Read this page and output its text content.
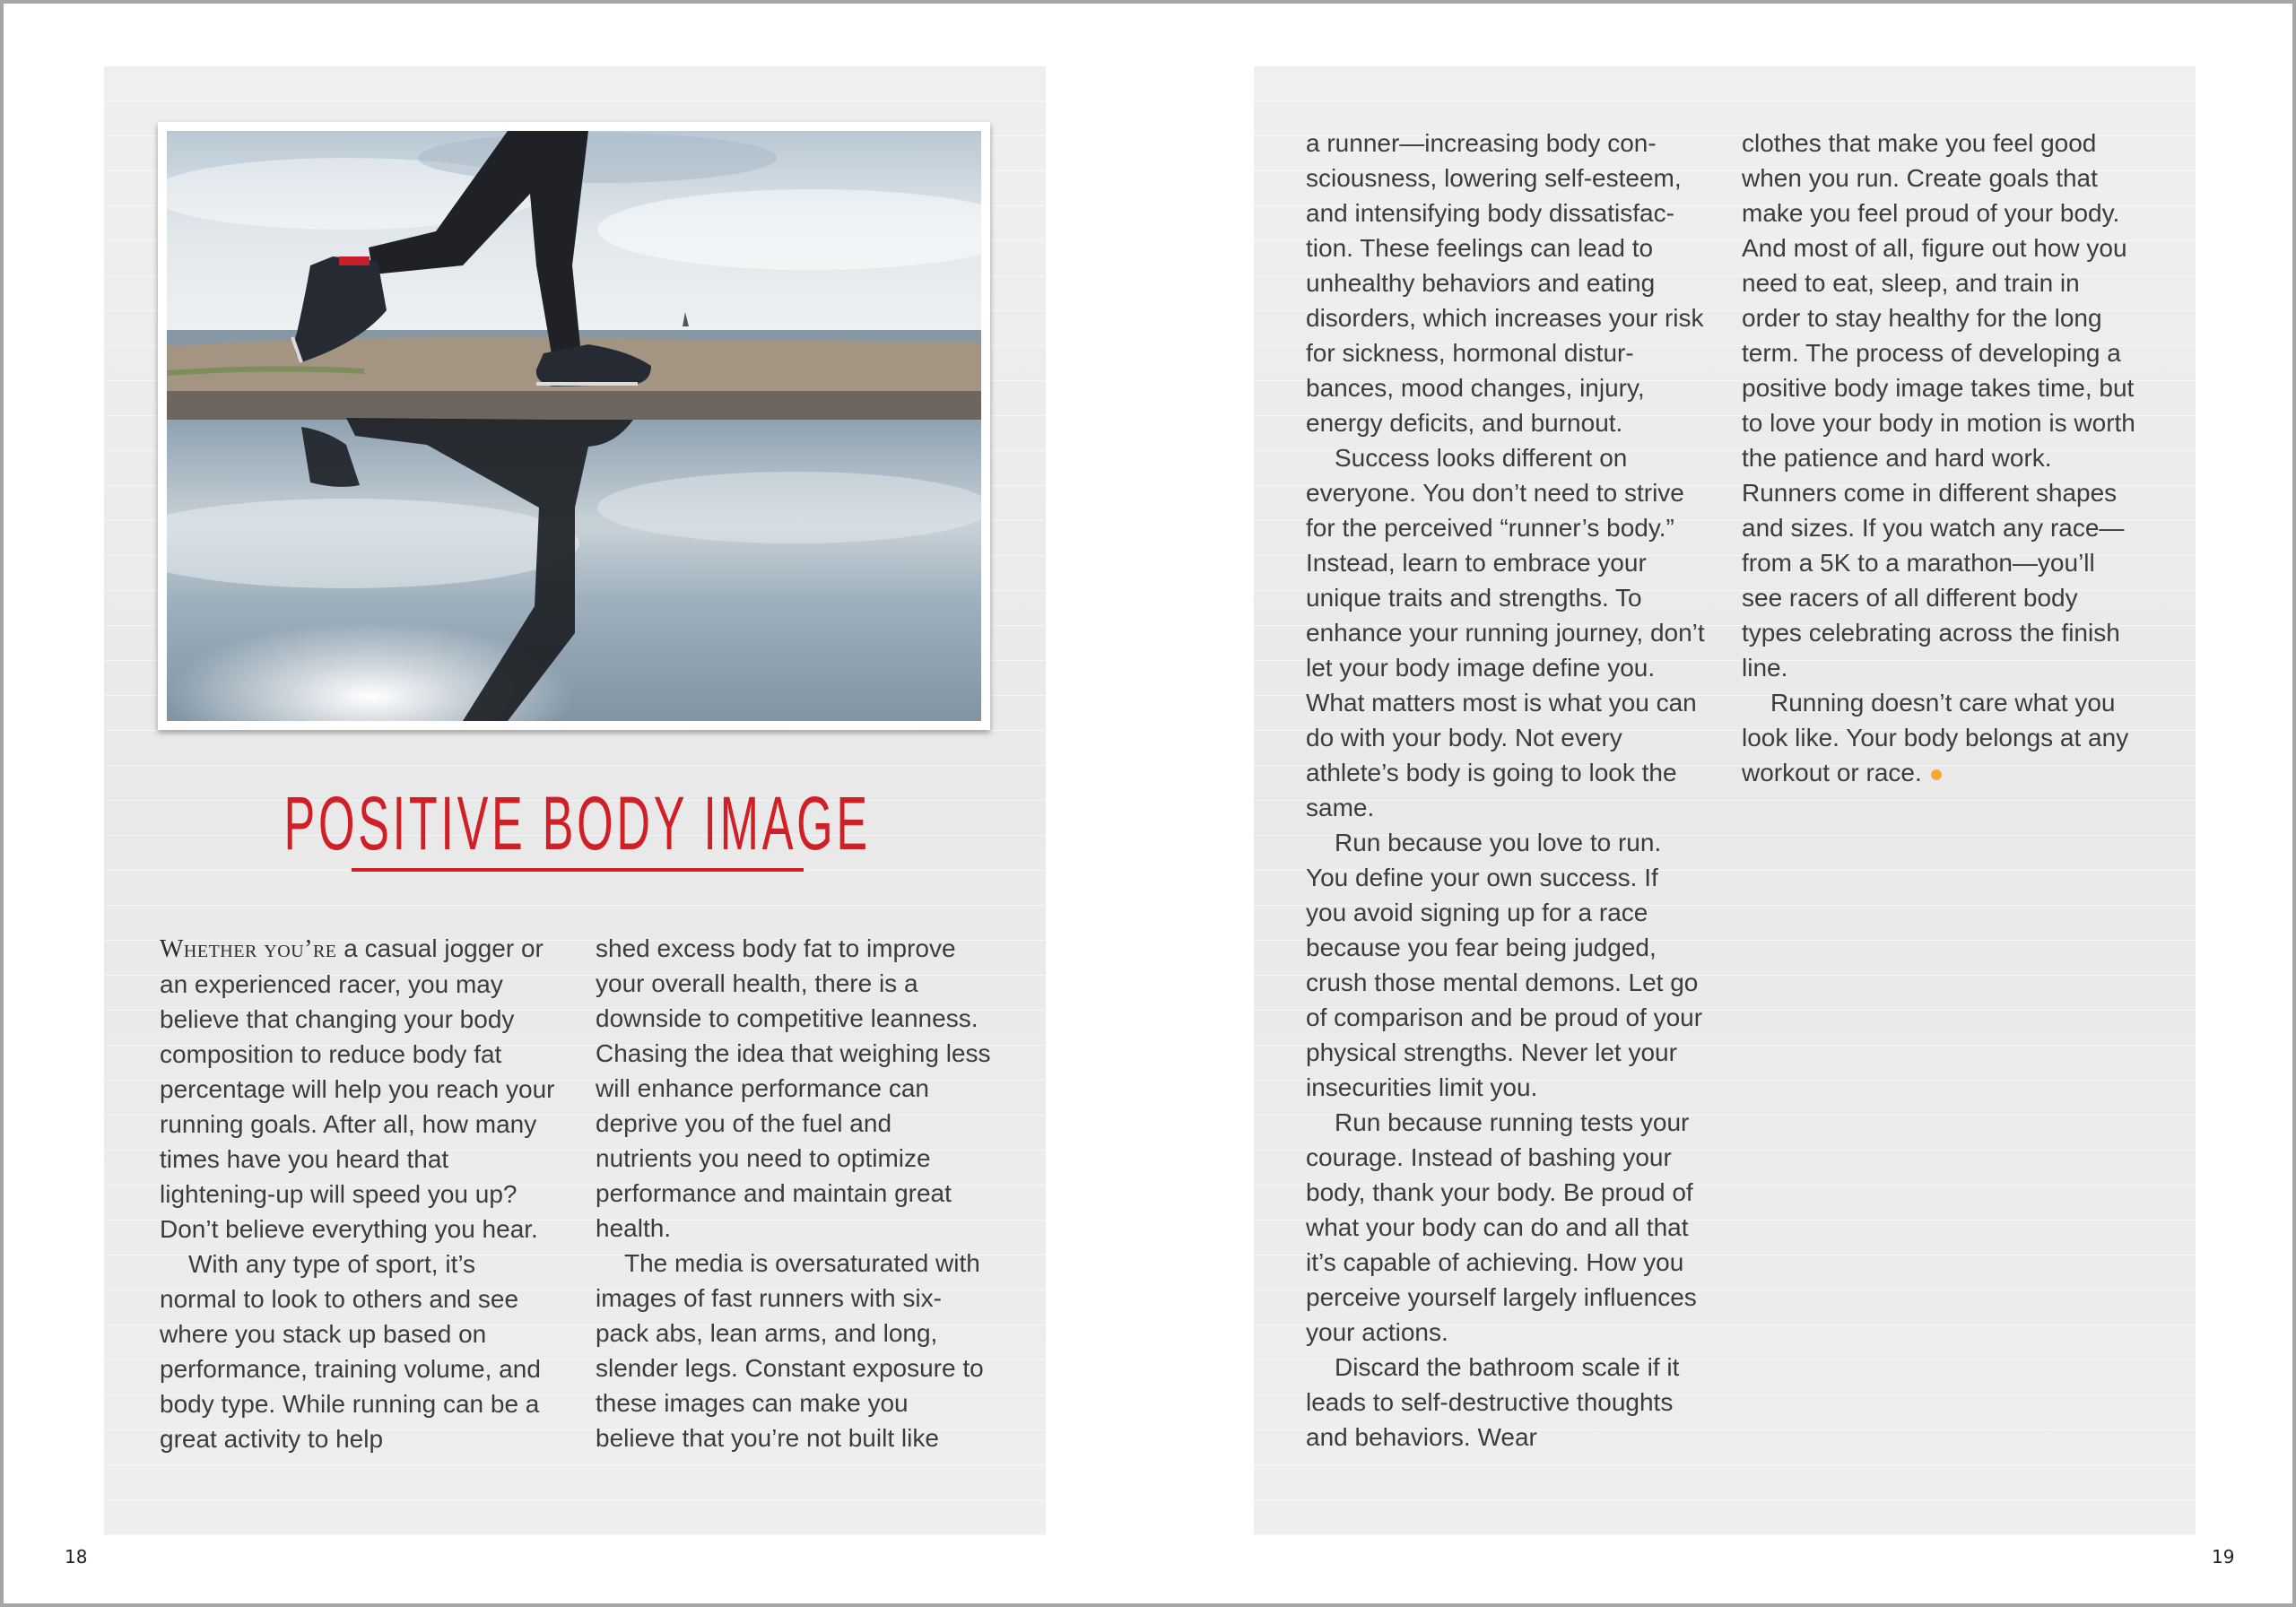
POSITIVE BODY IMAGE

Whether you’re a casual jogger or an experienced racer, you may believe that changing your body composition to reduce body fat percentage will help you reach your running goals. After all, how many times have you heard that lightening-up will speed you up? Don’t believe everything you hear.

With any type of sport, it’s normal to look to others and see where you stack up based on performance, training volume, and body type. While running can be a great activity to help

shed excess body fat to improve your overall health, there is a downside to competitive leanness. Chasing the idea that weighing less will enhance performance can deprive you of the fuel and nutrients you need to optimize performance and maintain great health.

The media is oversaturated with images of fast runners with six-pack abs, lean arms, and long, slender legs. Constant exposure to these images can make you believe that you’re not built like

a runner—increasing body consciousness, lowering self-esteem, and intensifying body dissatisfaction. These feelings can lead to unhealthy behaviors and eating disorders, which increases your risk for sickness, hormonal disturbances, mood changes, injury, energy deficits, and burnout.

Success looks different on everyone. You don’t need to strive for the perceived “runner’s body.” Instead, learn to embrace your unique traits and strengths. To enhance your running journey, don’t let your body image define you. What matters most is what you can do with your body. Not every athlete’s body is going to look the same.

Run because you love to run. You define your own success. If you avoid signing up for a race because you fear being judged, crush those mental demons. Let go of comparison and be proud of your physical strengths. Never let your insecurities limit you.

Run because running tests your courage. Instead of bashing your body, thank your body. Be proud of what your body can do and all that it’s capable of achieving. How you perceive yourself largely influences your actions.

Discard the bathroom scale if it leads to self-destructive thoughts and behaviors. Wear

clothes that make you feel good when you run. Create goals that make you feel proud of your body. And most of all, figure out how you need to eat, sleep, and train in order to stay healthy for the long term. The process of developing a positive body image takes time, but to love your body in motion is worth the patience and hard work. Runners come in different shapes and sizes. If you watch any race—from a 5K to a marathon—you’ll see racers of all different body types celebrating across the finish line.

Running doesn’t care what you look like. Your body belongs at any workout or race.

18	19
